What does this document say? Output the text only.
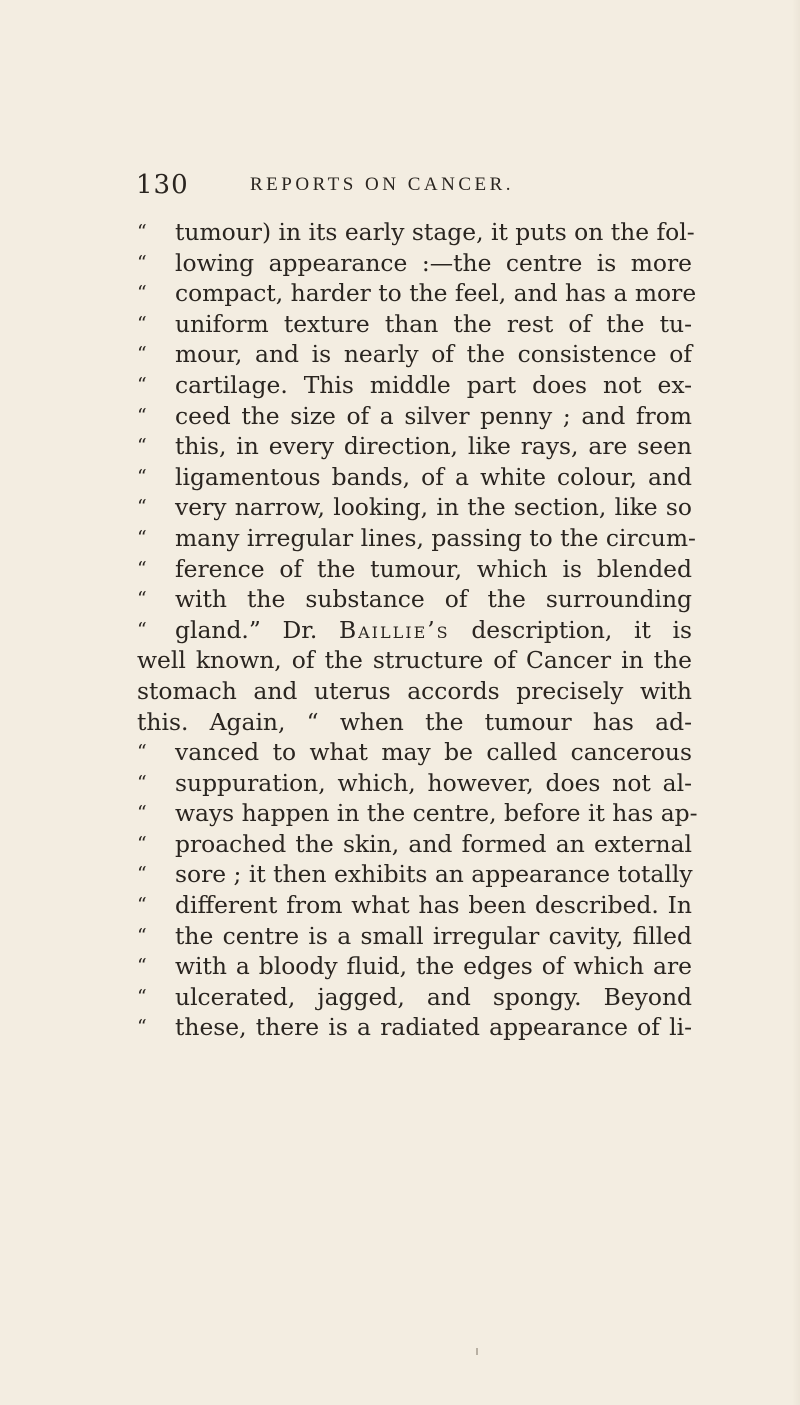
130	REPORTS ON CANCER.
“	tumour) in its early stage, it puts on the fol-
“	lowing appearance :—the centre is more
“	compact, harder to the feel, and has a more
“	uniform texture than the rest of the tu-
“	mour, and is nearly of the consistence of
“	cartilage. This middle part does not ex-
“	ceed the size of a silver penny ; and from
“	this, in every direction, like rays, are seen
“	ligamentous bands, of a white colour, and
“	very narrow, looking, in the section, like so
“	many irregular lines, passing to the circum-
“	ference of the tumour, which is blended
“	with the substance of the surrounding
“	gland.” Dr. Baillie’s description, it is
well known, of the structure of Cancer in the
stomach and uterus accords precisely with
this. Again, “ when the tumour has ad-
“	vanced to what may be called cancerous
“	suppuration, which, however, does not al-
“	ways happen in the centre, before it has ap-
“	proached the skin, and formed an external
“	sore ; it then exhibits an appearance totally
“	different from what has been described. In
“	the centre is a small irregular cavity, filled
“	with a bloody fluid, the edges of which are
“	ulcerated, jagged, and spongy. Beyond
“	these, there is a radiated appearance of li-
